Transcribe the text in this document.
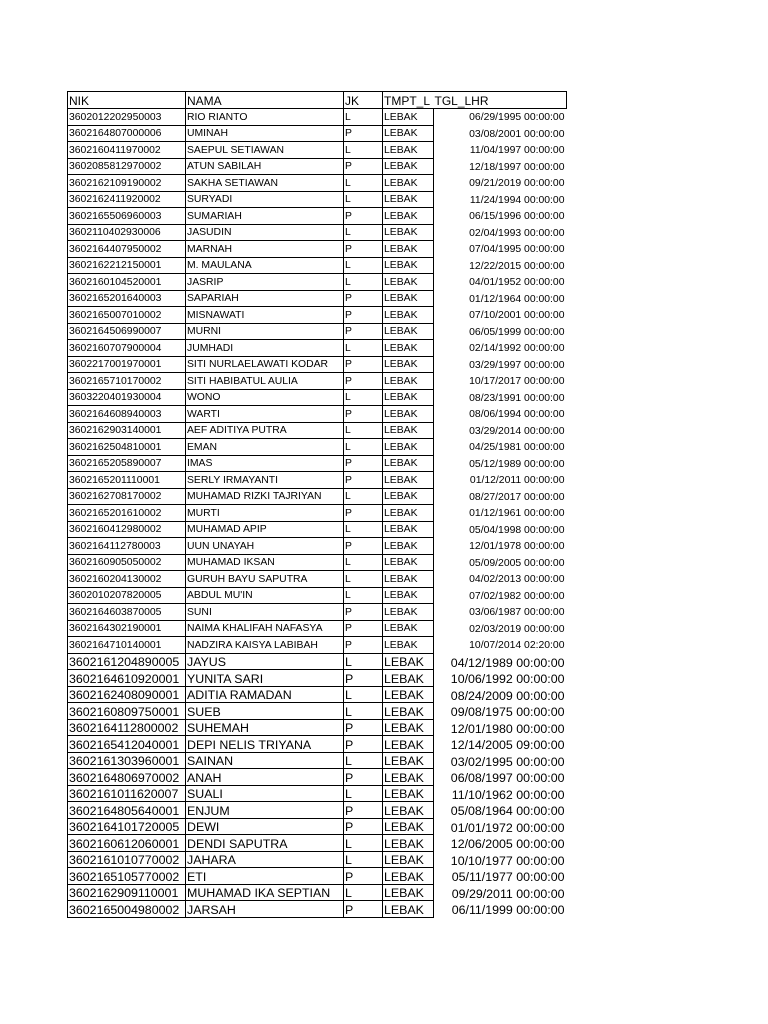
NIK	NAMA	JK	TMPT_L	TGL_LHR
3602012202950003	RIO RIANTO	L	LEBAK	06/29/1995 00:00:00
3602164807000006	UMINAH	P	LEBAK	03/08/2001 00:00:00
3602160411970002	SAEPUL SETIAWAN	L	LEBAK	11/04/1997 00:00:00
3602085812970002	ATUN SABILAH	P	LEBAK	12/18/1997 00:00:00
3602162109190002	SAKHA SETIAWAN	L	LEBAK	09/21/2019 00:00:00
3602162411920002	SURYADI	L	LEBAK	11/24/1994 00:00:00
3602165506960003	SUMARIAH	P	LEBAK	06/15/1996 00:00:00
3602110402930006	JASUDIN	L	LEBAK	02/04/1993 00:00:00
3602164407950002	MARNAH	P	LEBAK	07/04/1995 00:00:00
3602162212150001	M. MAULANA	L	LEBAK	12/22/2015 00:00:00
3602160104520001	JASRIP	L	LEBAK	04/01/1952 00:00:00
3602165201640003	SAPARIAH	P	LEBAK	01/12/1964 00:00:00
3602165007010002	MISNAWATI	P	LEBAK	07/10/2001 00:00:00
3602164506990007	MURNI	P	LEBAK	06/05/1999 00:00:00
3602160707900004	JUMHADI	L	LEBAK	02/14/1992 00:00:00
3602217001970001	SITI NURLAELAWATI KODAR	P	LEBAK	03/29/1997 00:00:00
3602165710170002	SITI HABIBATUL AULIA	P	LEBAK	10/17/2017 00:00:00
3603220401930004	WONO	L	LEBAK	08/23/1991 00:00:00
3602164608940003	WARTI	P	LEBAK	08/06/1994 00:00:00
3602162903140001	AEF ADITIYA PUTRA	L	LEBAK	03/29/2014 00:00:00
3602162504810001	EMAN	L	LEBAK	04/25/1981 00:00:00
3602165205890007	IMAS	P	LEBAK	05/12/1989 00:00:00
3602165201110001	SERLY IRMAYANTI	P	LEBAK	01/12/2011 00:00:00
3602162708170002	MUHAMAD RIZKI TAJRIYAN	L	LEBAK	08/27/2017 00:00:00
3602165201610002	MURTI	P	LEBAK	01/12/1961 00:00:00
3602160412980002	MUHAMAD APIP	L	LEBAK	05/04/1998 00:00:00
3602164112780003	UUN UNAYAH	P	LEBAK	12/01/1978 00:00:00
3602160905050002	MUHAMAD IKSAN	L	LEBAK	05/09/2005 00:00:00
3602160204130002	GURUH BAYU SAPUTRA	L	LEBAK	04/02/2013 00:00:00
3602010207820005	ABDUL MU'IN	L	LEBAK	07/02/1982 00:00:00
3602164603870005	SUNI	P	LEBAK	03/06/1987 00:00:00
3602164302190001	NAIMA KHALIFAH NAFASYA	P	LEBAK	02/03/2019 00:00:00
3602164710140001	NADZIRA KAISYA LABIBAH	P	LEBAK	10/07/2014 02:20:00
3602161204890005	JAYUS	L	LEBAK	04/12/1989 00:00:00
3602164610920001	YUNITA SARI	P	LEBAK	10/06/1992 00:00:00
3602162408090001	ADITIA RAMADAN	L	LEBAK	08/24/2009 00:00:00
3602160809750001	SUEB	L	LEBAK	09/08/1975 00:00:00
3602164112800002	SUHEMAH	P	LEBAK	12/01/1980 00:00:00
3602165412040001	DEPI NELIS TRIYANA	P	LEBAK	12/14/2005 09:00:00
3602161303960001	SAINAN	L	LEBAK	03/02/1995 00:00:00
3602164806970002	ANAH	P	LEBAK	06/08/1997 00:00:00
3602161011620007	SUALI	L	LEBAK	11/10/1962 00:00:00
3602164805640001	ENJUM	P	LEBAK	05/08/1964 00:00:00
3602164101720005	DEWI	P	LEBAK	01/01/1972 00:00:00
3602160612060001	DENDI SAPUTRA	L	LEBAK	12/06/2005 00:00:00
3602161010770002	JAHARA	L	LEBAK	10/10/1977 00:00:00
3602165105770002	ETI	P	LEBAK	05/11/1977 00:00:00
3602162909110001	MUHAMAD IKA SEPTIAN	L	LEBAK	09/29/2011 00:00:00
3602165004980002	JARSAH	P	LEBAK	06/11/1999 00:00:00
